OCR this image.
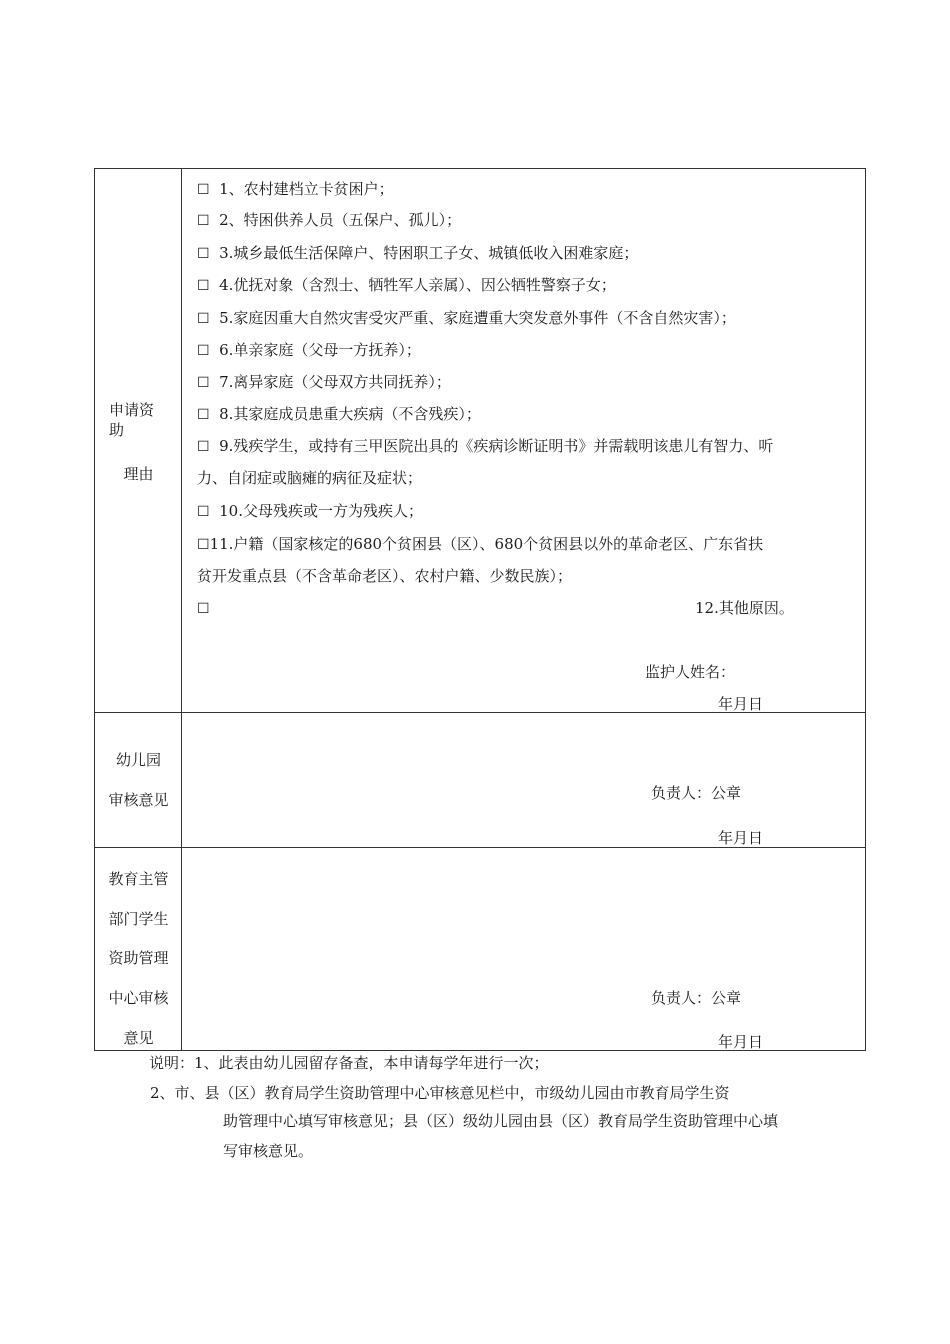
申请资
助
理由
☐ 1、农村建档立卡贫困户；
☐ 2、特困供养人员（五保户、孤儿）；
☐ 3.城乡最低生活保障户、特困职工子女、城镇低收入困难家庭；
☐ 4.优抚对象（含烈士、牺牲军人亲属）、因公牺牲警察子女；
☐ 5.家庭因重大自然灾害受灾严重、家庭遭重大突发意外事件（不含自然灾害）；
☐ 6.单亲家庭（父母一方抚养）；
☐ 7.离异家庭（父母双方共同抚养）；
☐ 8.其家庭成员患重大疾病（不含残疾）；
☐ 9.残疾学生，或持有三甲医院出具的《疾病诊断证明书》并需载明该患儿有智力、听
力、自闭症或脑瘫的病征及症状；
☐ 10.父母残疾或一方为残疾人；
☐11.户籍（国家核定的680个贫困县（区）、680个贫困县以外的革命老区、广东省扶
贫开发重点县（不含革命老区）、农村户籍、少数民族）；
☐	12.其他原因。
监护人姓名：
年月日
幼儿园
审核意见	负责人：公章
年月日
教育主管
部门学生
资助管理
中心审核
意见
负责人：公章
年月日
说明：1、此表由幼儿园留存备查，本申请每学年进行一次；
2、市、县（区）教育局学生资助管理中心审核意见栏中，市级幼儿园由市教育局学生资
助管理中心填写审核意见；县（区）级幼儿园由县（区）教育局学生资助管理中心填
写审核意见。
